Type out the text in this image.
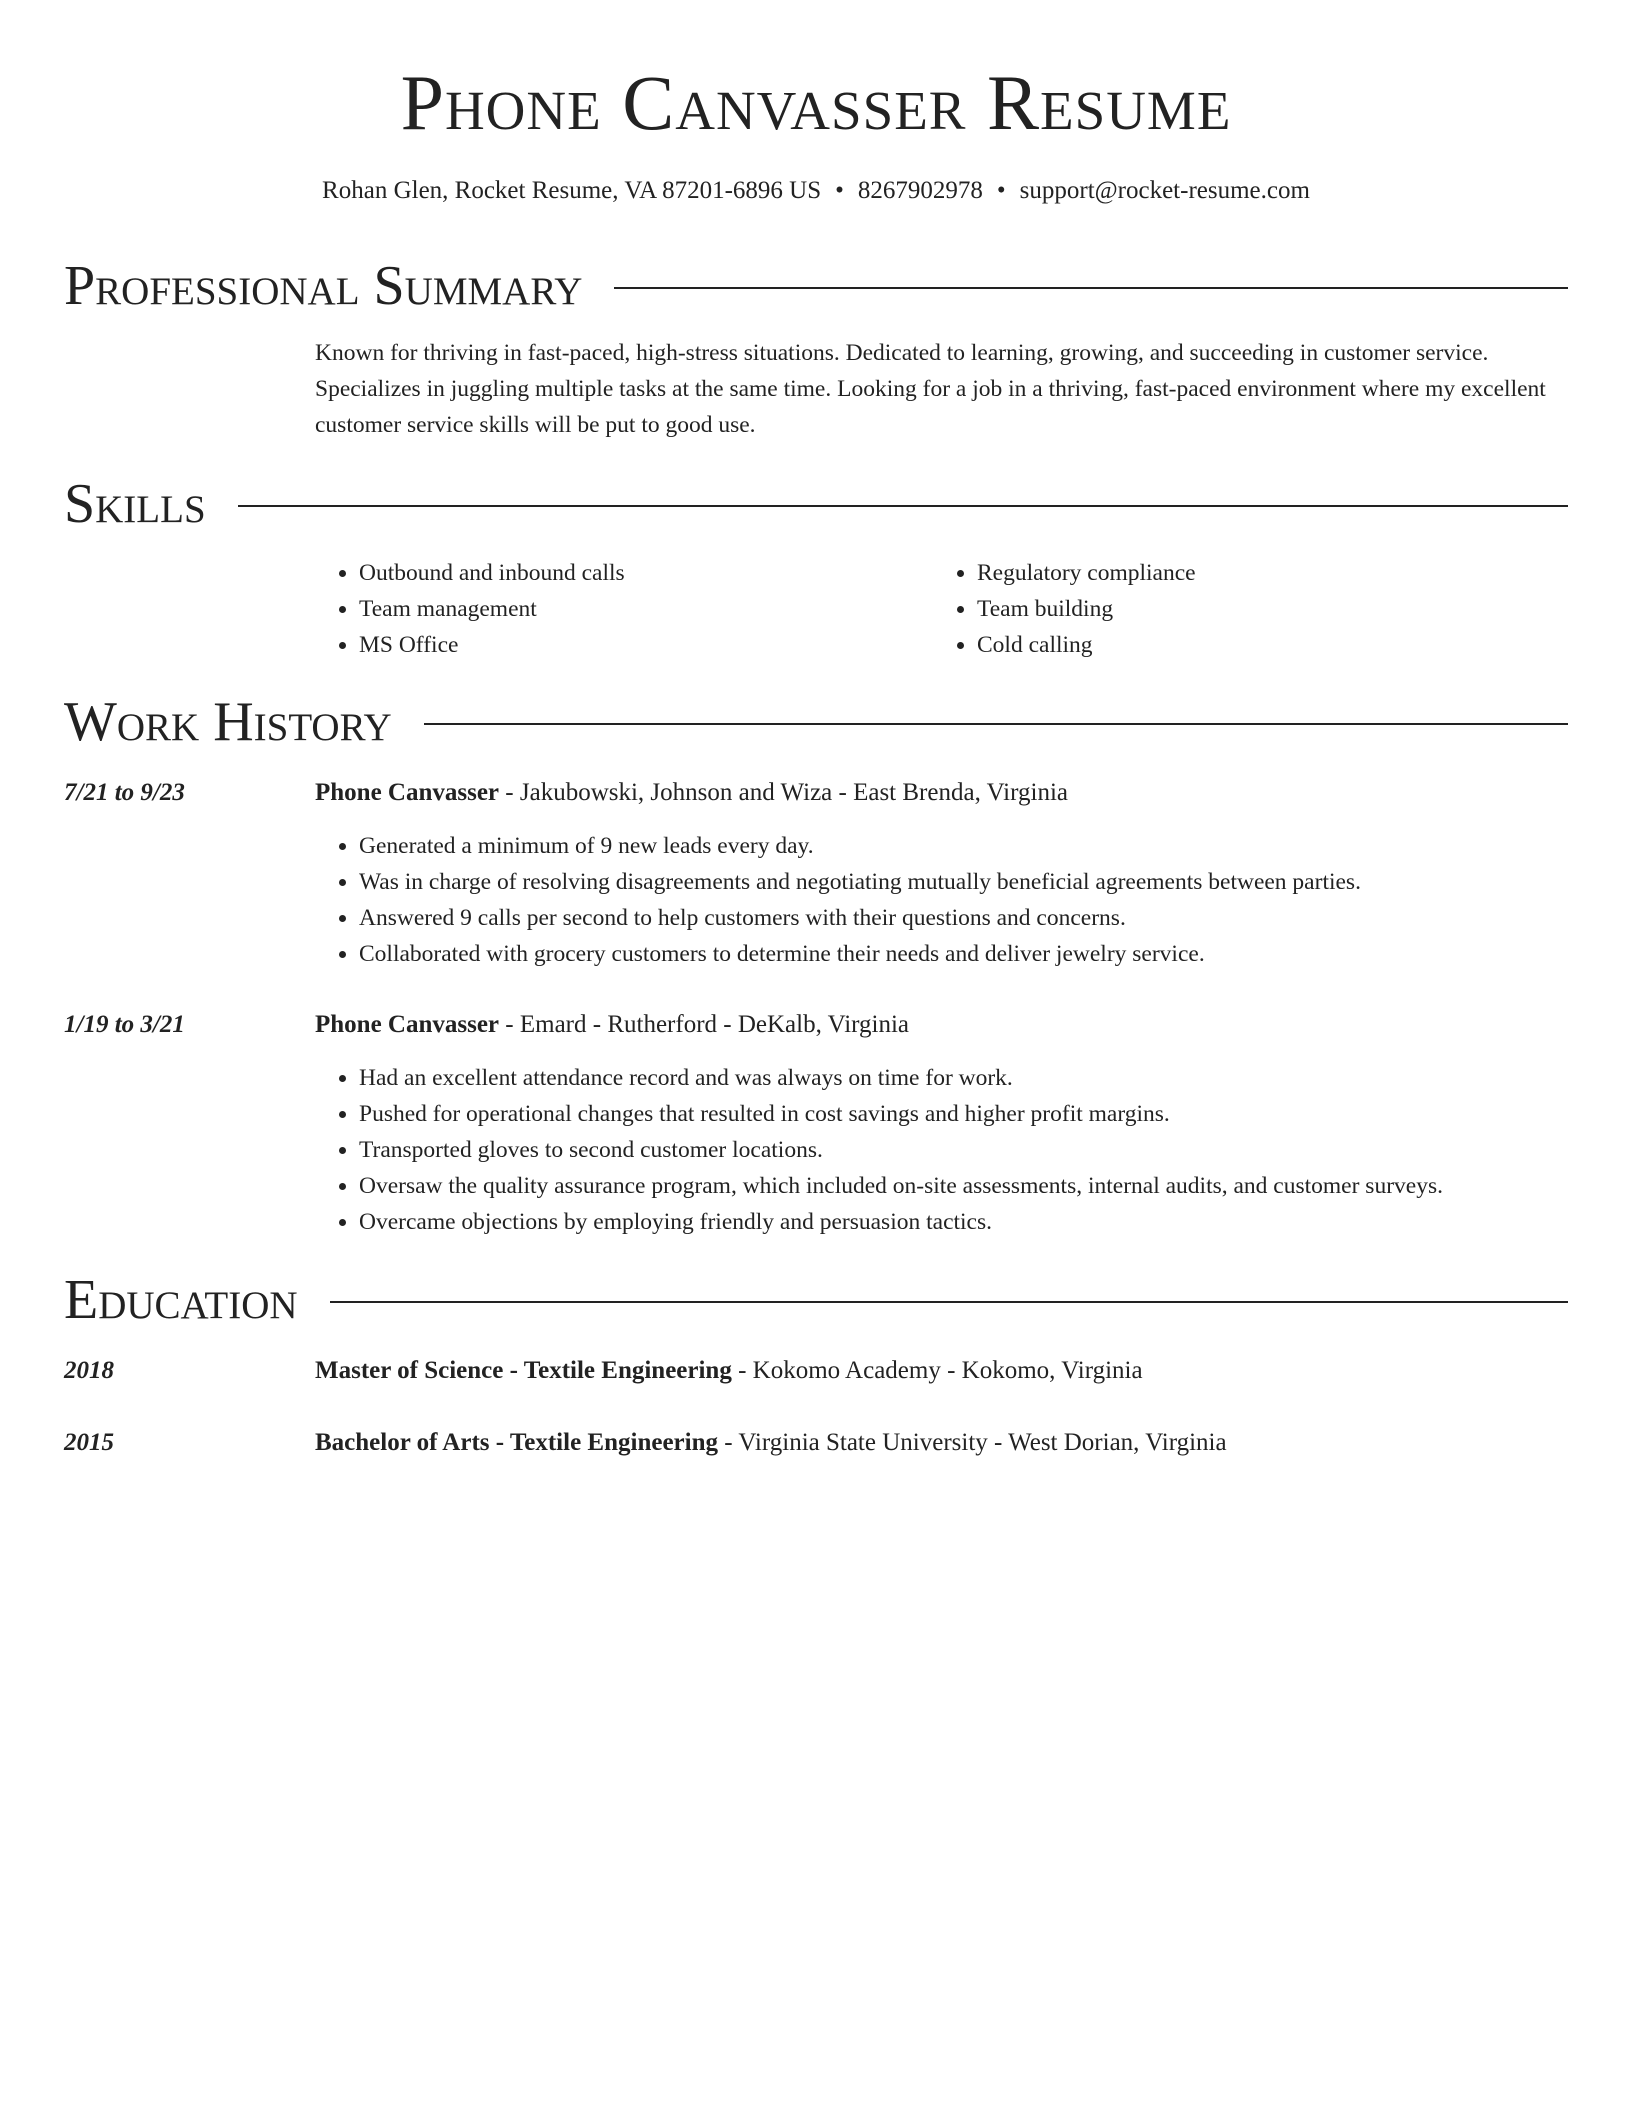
Phone Canvasser Resume
Rohan Glen, Rocket Resume, VA 87201-6896 US • 8267902978 • support@rocket-resume.com
Professional Summary
Known for thriving in fast-paced, high-stress situations. Dedicated to learning, growing, and succeeding in customer service. Specializes in juggling multiple tasks at the same time. Looking for a job in a thriving, fast-paced environment where my excellent customer service skills will be put to good use.
Skills
• Outbound and inbound calls
• Team management
• MS Office
• Regulatory compliance
• Team building
• Cold calling
Work History
7/21 to 9/23	Phone Canvasser - Jakubowski, Johnson and Wiza - East Brenda, Virginia
• Generated a minimum of 9 new leads every day.
• Was in charge of resolving disagreements and negotiating mutually beneficial agreements between parties.
• Answered 9 calls per second to help customers with their questions and concerns.
• Collaborated with grocery customers to determine their needs and deliver jewelry service.
1/19 to 3/21	Phone Canvasser - Emard - Rutherford - DeKalb, Virginia
• Had an excellent attendance record and was always on time for work.
• Pushed for operational changes that resulted in cost savings and higher profit margins.
• Transported gloves to second customer locations.
• Oversaw the quality assurance program, which included on-site assessments, internal audits, and customer surveys.
• Overcame objections by employing friendly and persuasion tactics.
Education
2018	Master of Science - Textile Engineering - Kokomo Academy - Kokomo, Virginia
2015	Bachelor of Arts - Textile Engineering - Virginia State University - West Dorian, Virginia
